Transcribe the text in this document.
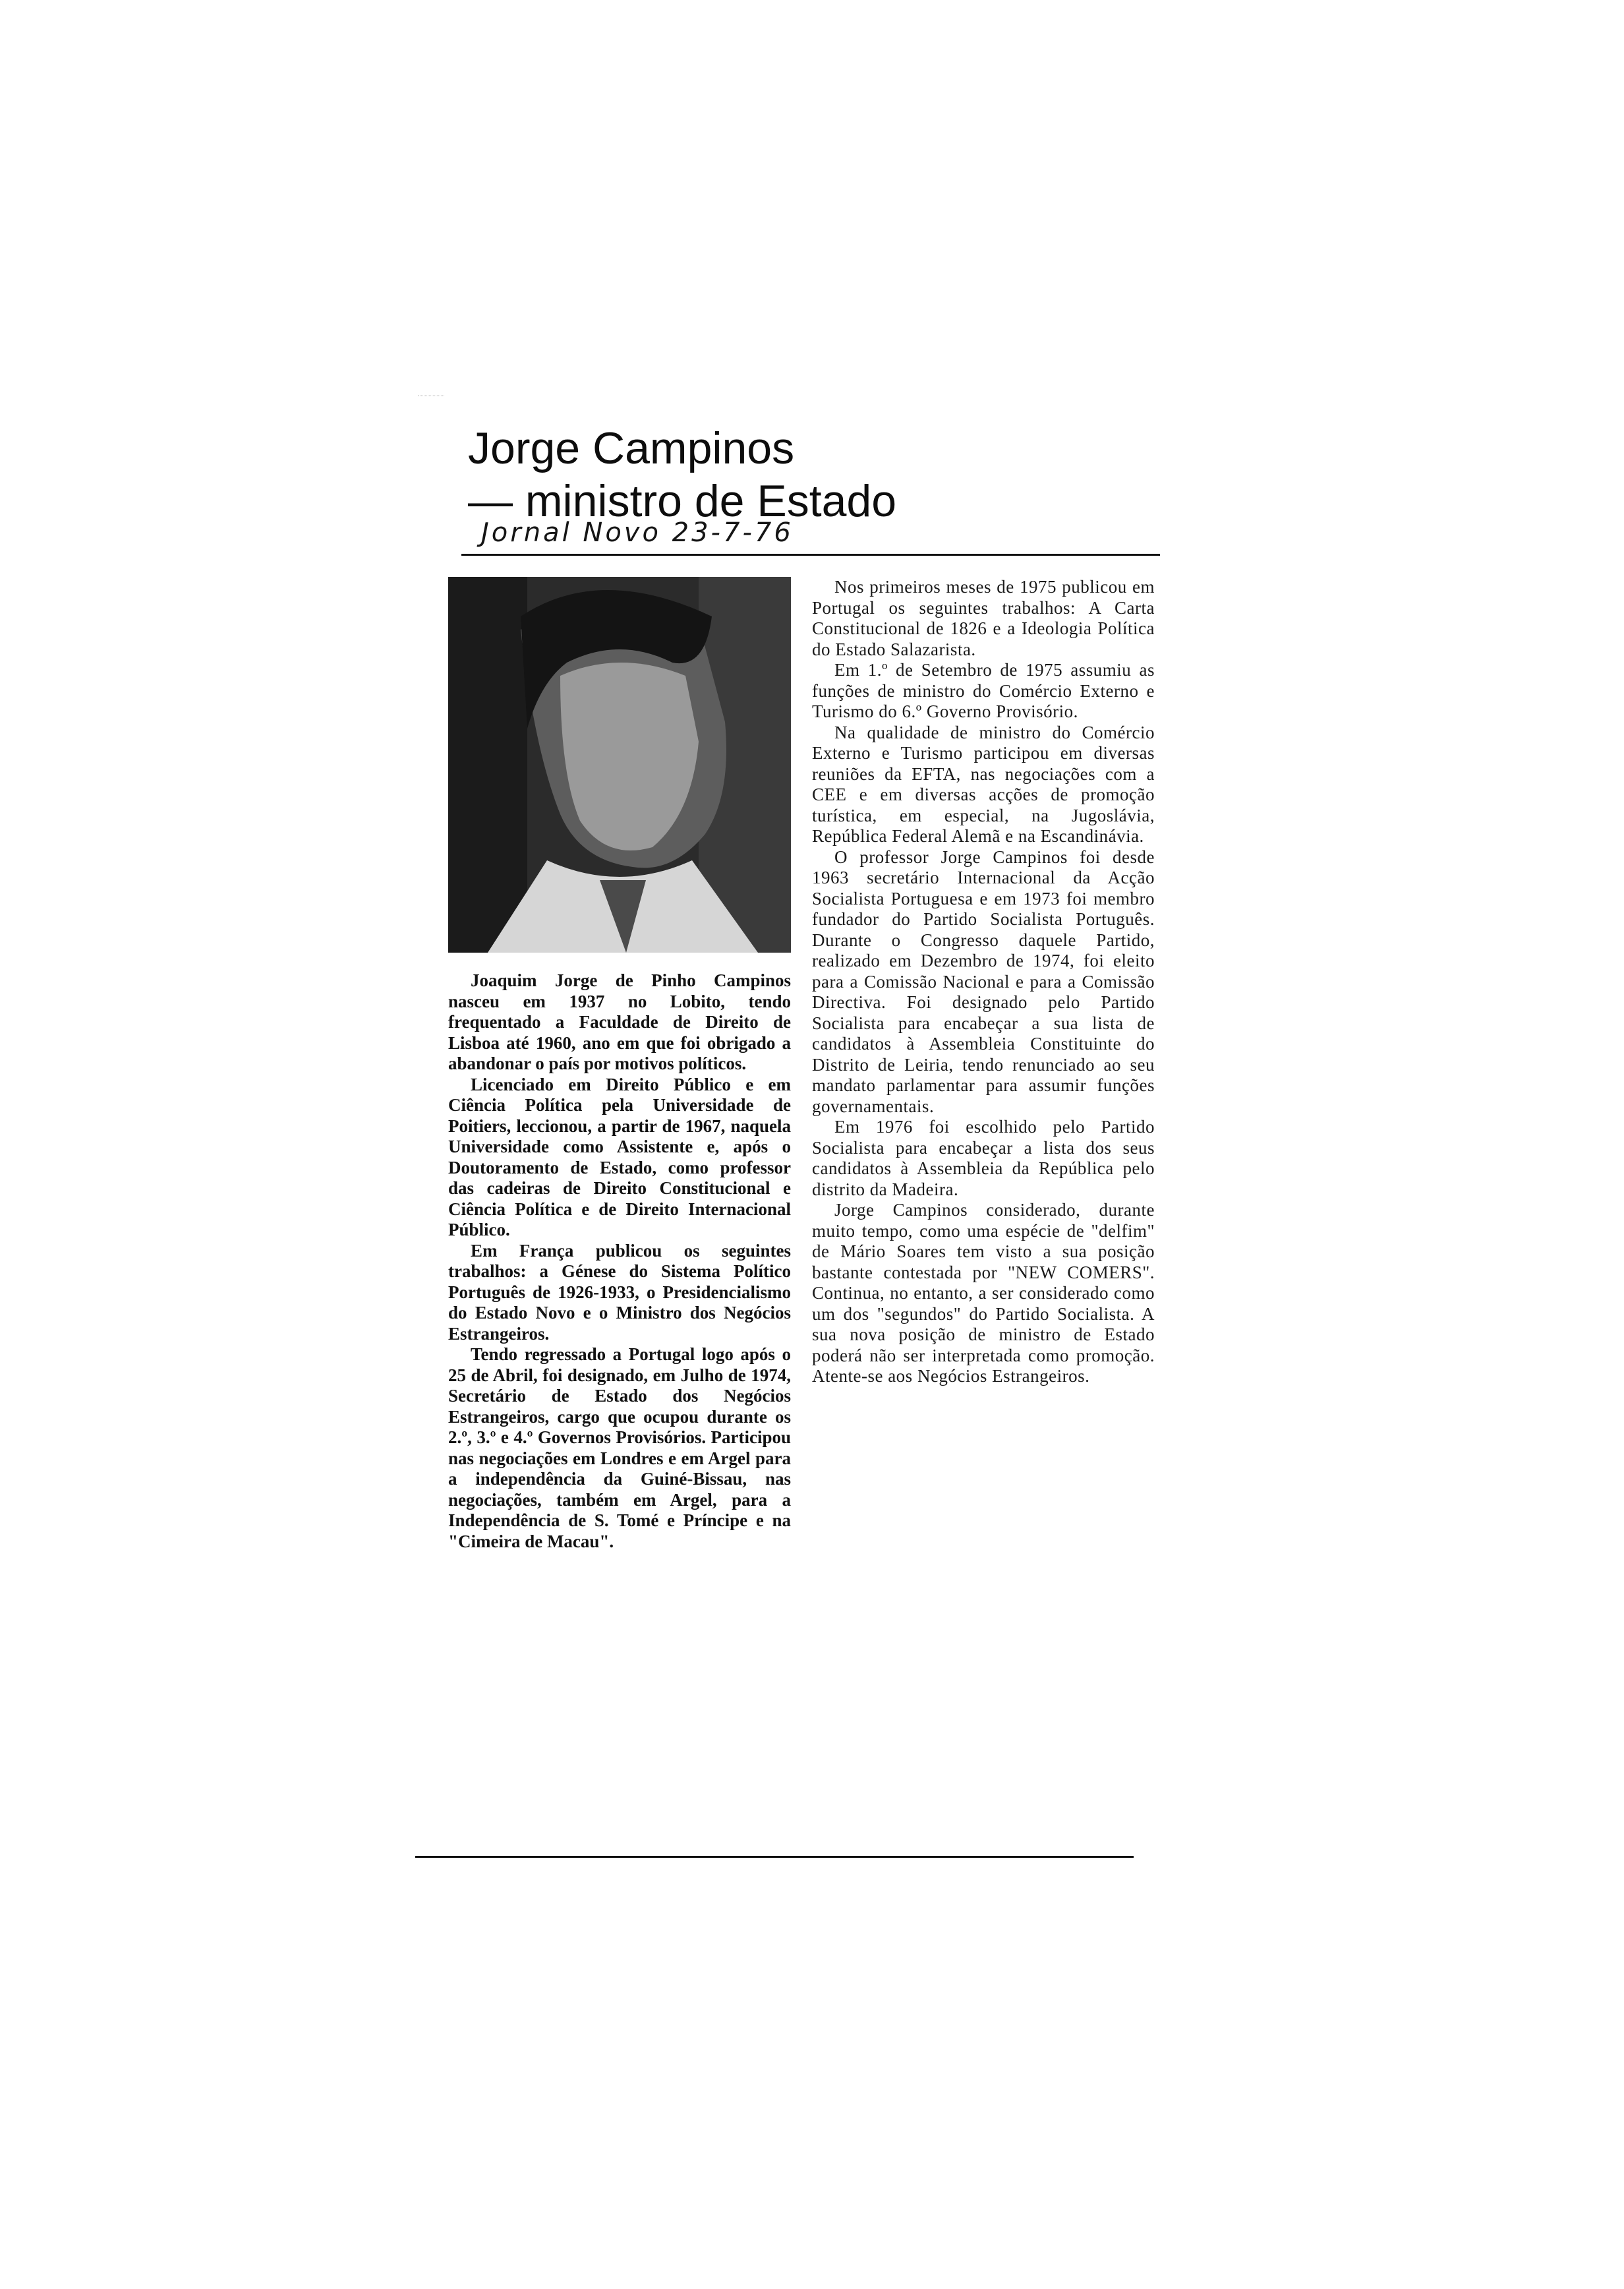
Jorge Campinos
— ministro de Estado
Jornal Novo 23-7-76

Joaquim Jorge de Pinho Campinos nasceu em 1937 no Lobito, tendo frequentado a Faculdade de Direito de Lisboa até 1960, ano em que foi obrigado a abandonar o país por motivos políticos.

Licenciado em Direito Público e em Ciência Política pela Universidade de Poitiers, leccionou, a partir de 1967, naquela Universidade como Assistente e, após o Doutoramento de Estado, como professor das cadeiras de Direito Constitucional e Ciência Política e de Direito Internacional Público.

Em França publicou os seguintes trabalhos: a Génese do Sistema Político Português de 1926-1933, o Presidencialismo do Estado Novo e o Ministro dos Negócios Estrangeiros.

Tendo regressado a Portugal logo após o 25 de Abril, foi designado, em Julho de 1974, Secretário de Estado dos Negócios Estrangeiros, cargo que ocupou durante os 2.º, 3.º e 4.º Governos Provisórios. Participou nas negociações em Londres e em Argel para a independência da Guiné-Bissau, nas negociações, também em Argel, para a Independência de S. Tomé e Príncipe e na "Cimeira de Macau".

Nos primeiros meses de 1975 publicou em Portugal os seguintes trabalhos: A Carta Constitucional de 1826 e a Ideologia Política do Estado Salazarista.

Em 1.º de Setembro de 1975 assumiu as funções de ministro do Comércio Externo e Turismo do 6.º Governo Provisório.

Na qualidade de ministro do Comércio Externo e Turismo participou em diversas reuniões da EFTA, nas negociações com a CEE e em diversas acções de promoção turística, em especial, na Jugoslávia, República Federal Alemã e na Escandinávia.

O professor Jorge Campinos foi desde 1963 secretário Internacional da Acção Socialista Portuguesa e em 1973 foi membro fundador do Partido Socialista Português. Durante o Congresso daquele Partido, realizado em Dezembro de 1974, foi eleito para a Comissão Nacional e para a Comissão Directiva. Foi designado pelo Partido Socialista para encabeçar a sua lista de candidatos à Assembleia Constituinte do Distrito de Leiria, tendo renunciado ao seu mandato parlamentar para assumir funções governamentais.

Em 1976 foi escolhido pelo Partido Socialista para encabeçar a lista dos seus candidatos à Assembleia da República pelo distrito da Madeira.

Jorge Campinos considerado, durante muito tempo, como uma espécie de "delfim" de Mário Soares tem visto a sua posição bastante contestada por "NEW COMERS". Continua, no entanto, a ser considerado como um dos "segundos" do Partido Socialista. A sua nova posição de ministro de Estado poderá não ser interpretada como promoção. Atente-se aos Negócios Estrangeiros.
